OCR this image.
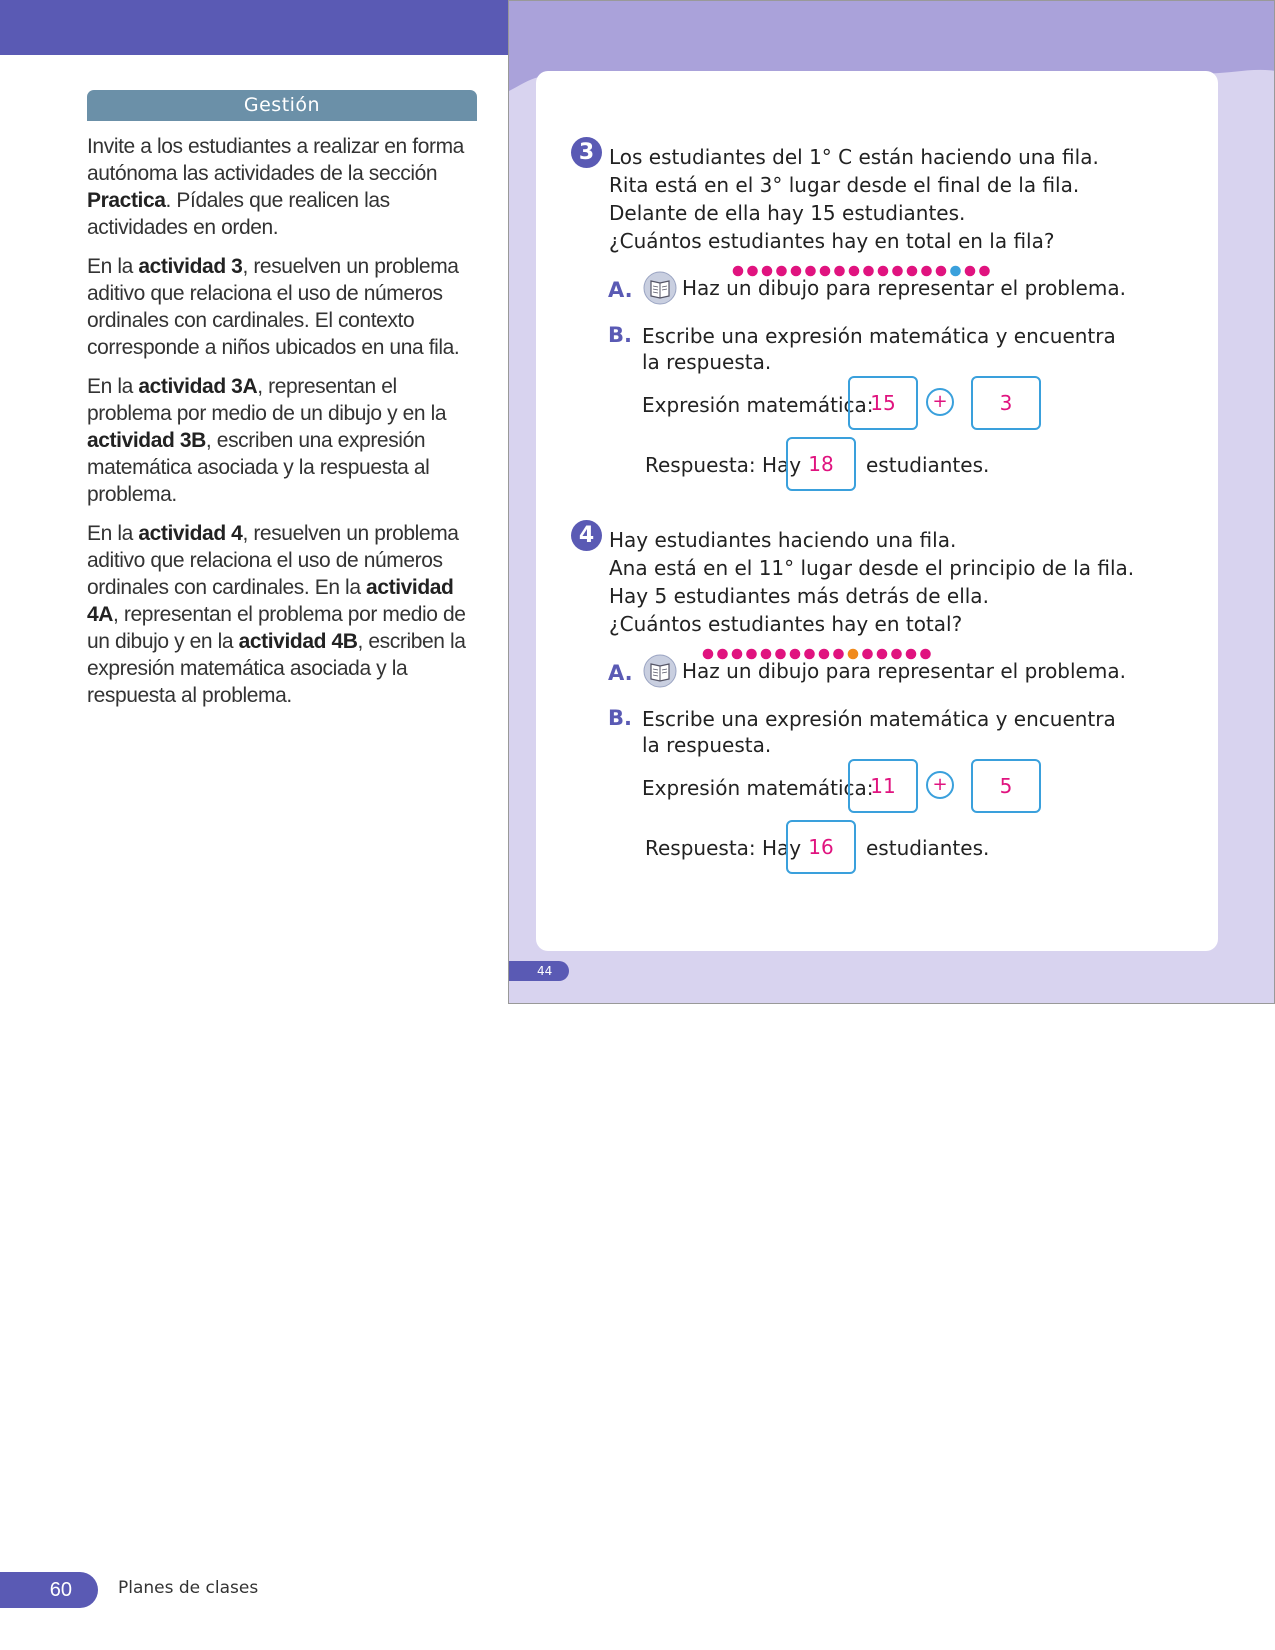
Gestión

Invite a los estudiantes a realizar en forma autónoma las actividades de la sección Practica. Pídales que realicen las actividades en orden.

En la actividad 3, resuelven un problema aditivo que relaciona el uso de números ordinales con cardinales. El contexto corresponde a niños ubicados en una fila.

En la actividad 3A, representan el problema por medio de un dibujo y en la actividad 3B, escriben una expresión matemática asociada y la respuesta al problema.

En la actividad 4, resuelven un problema aditivo que relaciona el uso de números ordinales con cardinales. En la actividad 4A, representan el problema por medio de un dibujo y en la actividad 4B, escriben la expresión matemática asociada y la respuesta al problema.

3 Los estudiantes del 1° C están haciendo una fila.
Rita está en el 3° lugar desde el final de la fila.
Delante de ella hay 15 estudiantes.
¿Cuántos estudiantes hay en total en la fila?
A. Haz un dibujo para representar el problema.
B. Escribe una expresión matemática y encuentra
la respuesta.
Expresión matemática:
15	+	3
Respuesta: Hay 18	estudiantes.
4 Hay estudiantes haciendo una fila.
Ana está en el 11° lugar desde el principio de la fila.
Hay 5 estudiantes más detrás de ella.
¿Cuántos estudiantes hay en total?
A. Haz un dibujo para representar el problema.
B. Escribe una expresión matemática y encuentra
la respuesta.
Expresión matemática:
11	+	5
Respuesta: Hay 16	estudiantes.
44
60	Planes de clases
